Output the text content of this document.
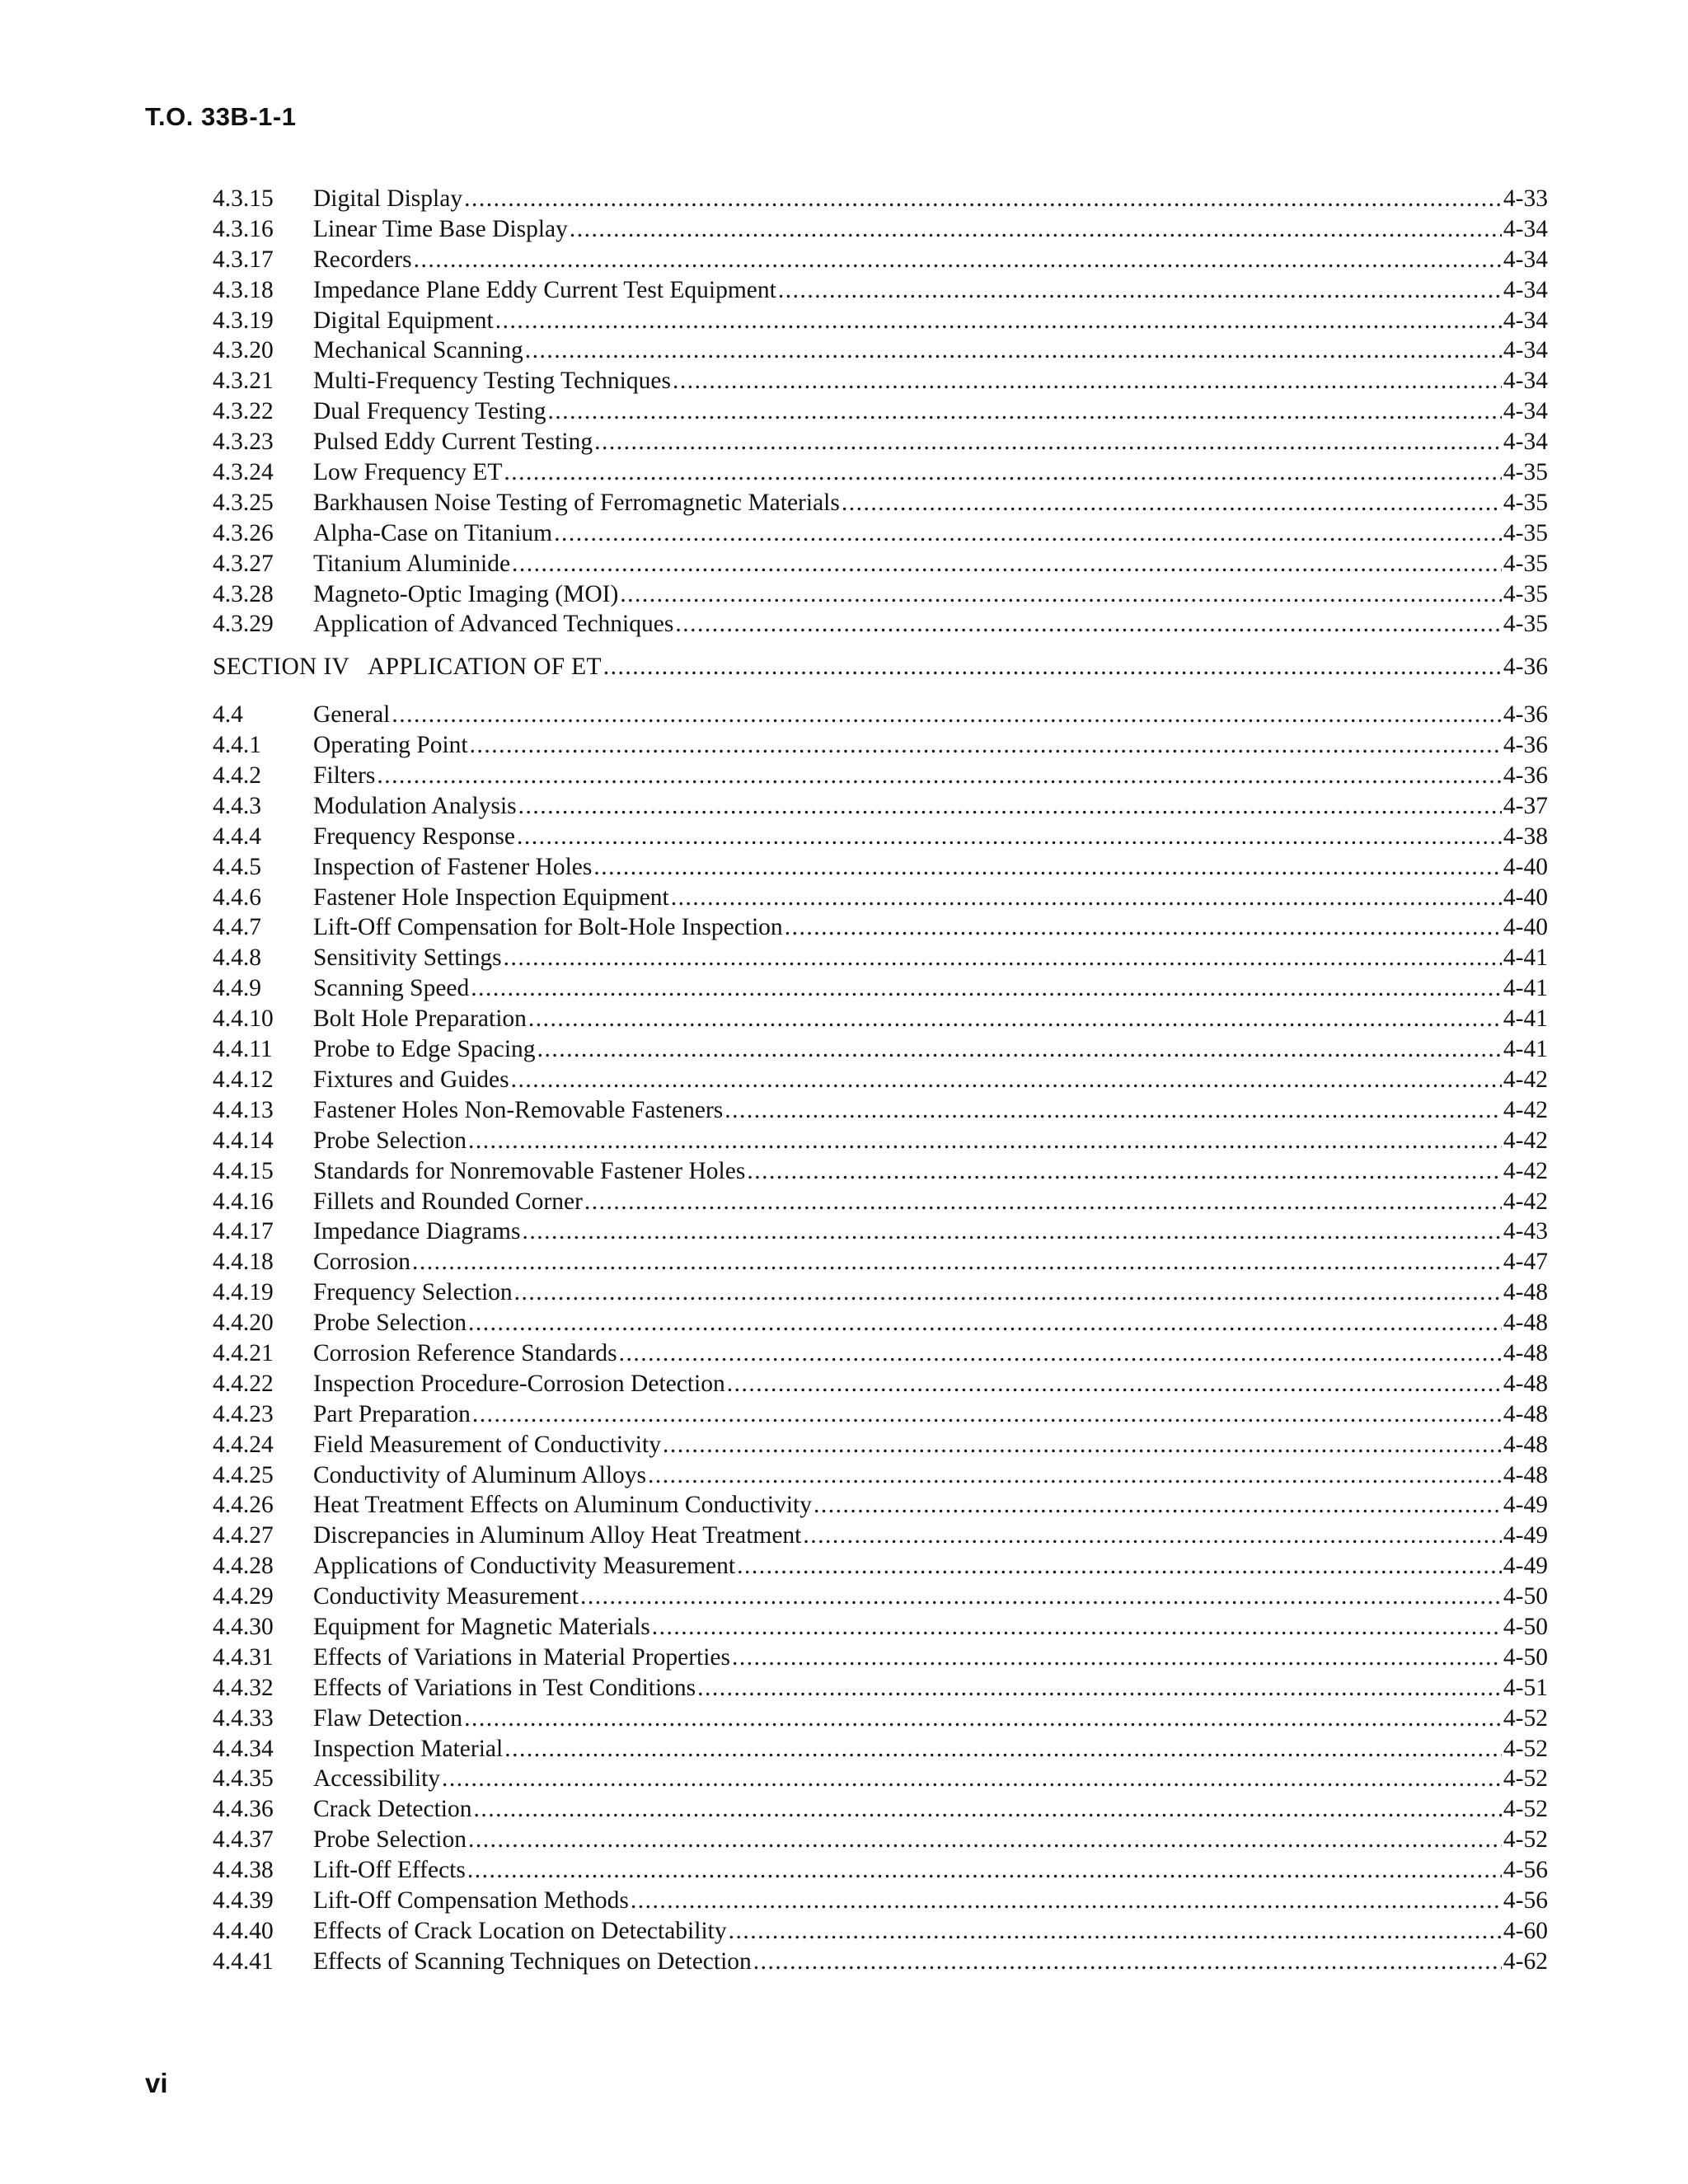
T.O. 33B-1-1
4.3.15	Digital Display .....	4-33
4.3.16	Linear Time Base Display .....	4-34
4.3.17	Recorders .....	4-34
4.3.18	Impedance Plane Eddy Current Test Equipment .....	4-34
4.3.19	Digital Equipment .....	4-34
4.3.20	Mechanical Scanning .....	4-34
4.3.21	Multi-Frequency Testing Techniques .....	4-34
4.3.22	Dual Frequency Testing .....	4-34
4.3.23	Pulsed Eddy Current Testing .....	4-34
4.3.24	Low Frequency ET .....	4-35
4.3.25	Barkhausen Noise Testing of Ferromagnetic Materials .....	4-35
4.3.26	Alpha-Case on Titanium .....	4-35
4.3.27	Titanium Aluminide .....	4-35
4.3.28	Magneto-Optic Imaging (MOI) .....	4-35
4.3.29	Application of Advanced Techniques .....	4-35
SECTION IV APPLICATION OF ET .....	4-36
4.4	General .....	4-36
4.4.1	Operating Point .....	4-36
4.4.2	Filters .....	4-36
4.4.3	Modulation Analysis .....	4-37
4.4.4	Frequency Response .....	4-38
4.4.5	Inspection of Fastener Holes .....	4-40
4.4.6	Fastener Hole Inspection Equipment .....	4-40
4.4.7	Lift-Off Compensation for Bolt-Hole Inspection .....	4-40
4.4.8	Sensitivity Settings .....	4-41
4.4.9	Scanning Speed .....	4-41
4.4.10	Bolt Hole Preparation .....	4-41
4.4.11	Probe to Edge Spacing .....	4-41
4.4.12	Fixtures and Guides .....	4-42
4.4.13	Fastener Holes Non-Removable Fasteners .....	4-42
4.4.14	Probe Selection .....	4-42
4.4.15	Standards for Nonremovable Fastener Holes .....	4-42
4.4.16	Fillets and Rounded Corner .....	4-42
4.4.17	Impedance Diagrams .....	4-43
4.4.18	Corrosion .....	4-47
4.4.19	Frequency Selection .....	4-48
4.4.20	Probe Selection .....	4-48
4.4.21	Corrosion Reference Standards .....	4-48
4.4.22	Inspection Procedure-Corrosion Detection .....	4-48
4.4.23	Part Preparation .....	4-48
4.4.24	Field Measurement of Conductivity .....	4-48
4.4.25	Conductivity of Aluminum Alloys .....	4-48
4.4.26	Heat Treatment Effects on Aluminum Conductivity .....	4-49
4.4.27	Discrepancies in Aluminum Alloy Heat Treatment .....	4-49
4.4.28	Applications of Conductivity Measurement .....	4-49
4.4.29	Conductivity Measurement .....	4-50
4.4.30	Equipment for Magnetic Materials .....	4-50
4.4.31	Effects of Variations in Material Properties .....	4-50
4.4.32	Effects of Variations in Test Conditions .....	4-51
4.4.33	Flaw Detection .....	4-52
4.4.34	Inspection Material .....	4-52
4.4.35	Accessibility .....	4-52
4.4.36	Crack Detection .....	4-52
4.4.37	Probe Selection .....	4-52
4.4.38	Lift-Off Effects .....	4-56
4.4.39	Lift-Off Compensation Methods .....	4-56
4.4.40	Effects of Crack Location on Detectability .....	4-60
4.4.41	Effects of Scanning Techniques on Detection .....	4-62
vi
